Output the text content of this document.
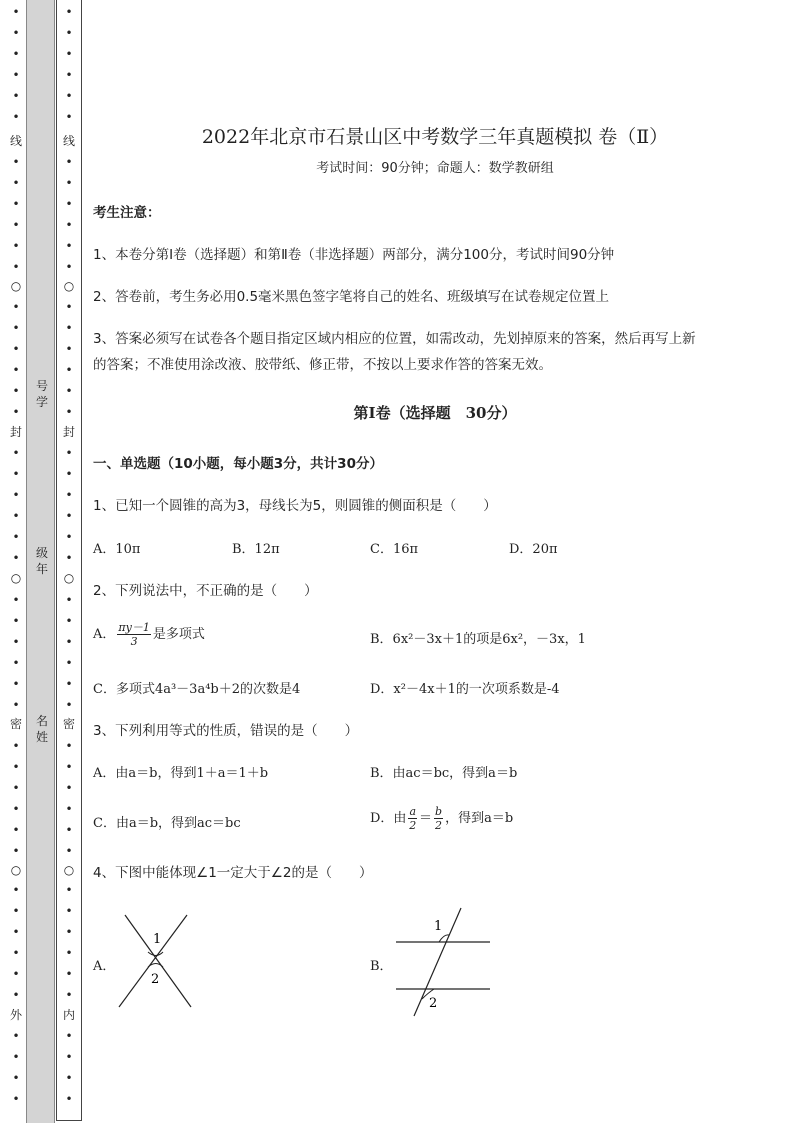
•
•
•
•
•
•
线
•
•
•
•
•
•
○
•
•
•
•
•
•
封
•
•
•
•
•
•
○
•
•
•
•
•
•
密
•
•
•
•
•
•
○
•
•
•
•
•
•
外
•
•
•
•
•
•
•
•
•
•
线
•
•
•
•
•
•
○
•
•
•
•
•
•
封
•
•
•
•
•
•
○
•
•
•
•
•
•
密
•
•
•
•
•
•
○
•
•
•
•
•
•
内
•
•
•
•
号学
级年
名姓
2022年北京市石景山区中考数学三年真题模拟 卷（Ⅱ）
考试时间：90分钟；命题人：数学教研组
考生注意：
1、本卷分第Ⅰ卷（选择题）和第Ⅱ卷（非选择题）两部分，满分100分，考试时间90分钟
2、答卷前，考生务必用0.5毫米黑色签字笔将自己的姓名、班级填写在试卷规定位置上
3、答案必须写在试卷各个题目指定区域内相应的位置，如需改动，先划掉原来的答案，然后再写上新
的答案；不准使用涂改液、胶带纸、修正带，不按以上要求作答的答案无效。
第Ⅰ卷（选择题　30分）
一、单选题（10小题，每小题3分，共计30分）
1、已知一个圆锥的高为3，母线长为5，则圆锥的侧面积是（　　）
A．10π	B．12π	C．16π	D．20π
2、下列说法中，不正确的是（　　）
A． $\frac{\pi y-1}{3}$ 是多项式	B．6x²－3x＋1的项是6x²，－3x，1
C．多项式4a³－3a⁴b＋2的次数是4	D．x²－4x＋1的一次项系数是-4
3、下列利用等式的性质，错误的是（　　）
A．由a＝b，得到1＋a＝1＋b	B．由ac＝bc，得到a＝b
C．由a＝b，得到ac＝bc	D．由 $\frac{a}{2} = \frac{b}{2}$ ，得到a＝b
4、下图中能体现∠1一定大于∠2的是（　　）
A．	B．
1
2
1
2
